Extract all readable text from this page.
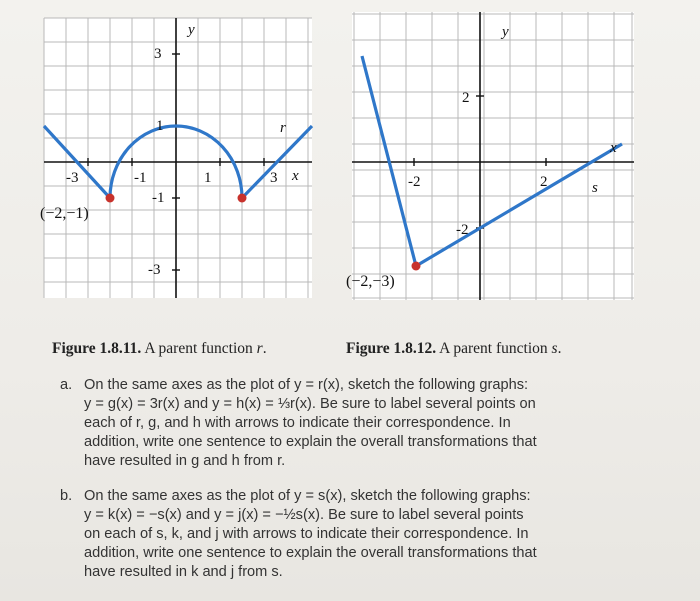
y
x
r
-3	-1	1	3
3
1
-1
-3
(−2,−1)
y
x
s
-2	2
2
-2
(−2,−3)
Figure 1.8.11. A parent function r.	Figure 1.8.12. A parent function s.
a. On the same axes as the plot of y = r(x), sketch the following graphs:
y = g(x) = 3r(x) and y = h(x) = ⅓r(x). Be sure to label several points on
each of r, g, and h with arrows to indicate their correspondence. In
addition, write one sentence to explain the overall transformations that
have resulted in g and h from r.
b. On the same axes as the plot of y = s(x), sketch the following graphs:
y = k(x) = −s(x) and y = j(x) = −½s(x). Be sure to label several points
on each of s, k, and j with arrows to indicate their correspondence. In
addition, write one sentence to explain the overall transformations that
have resulted in k and j from s.
